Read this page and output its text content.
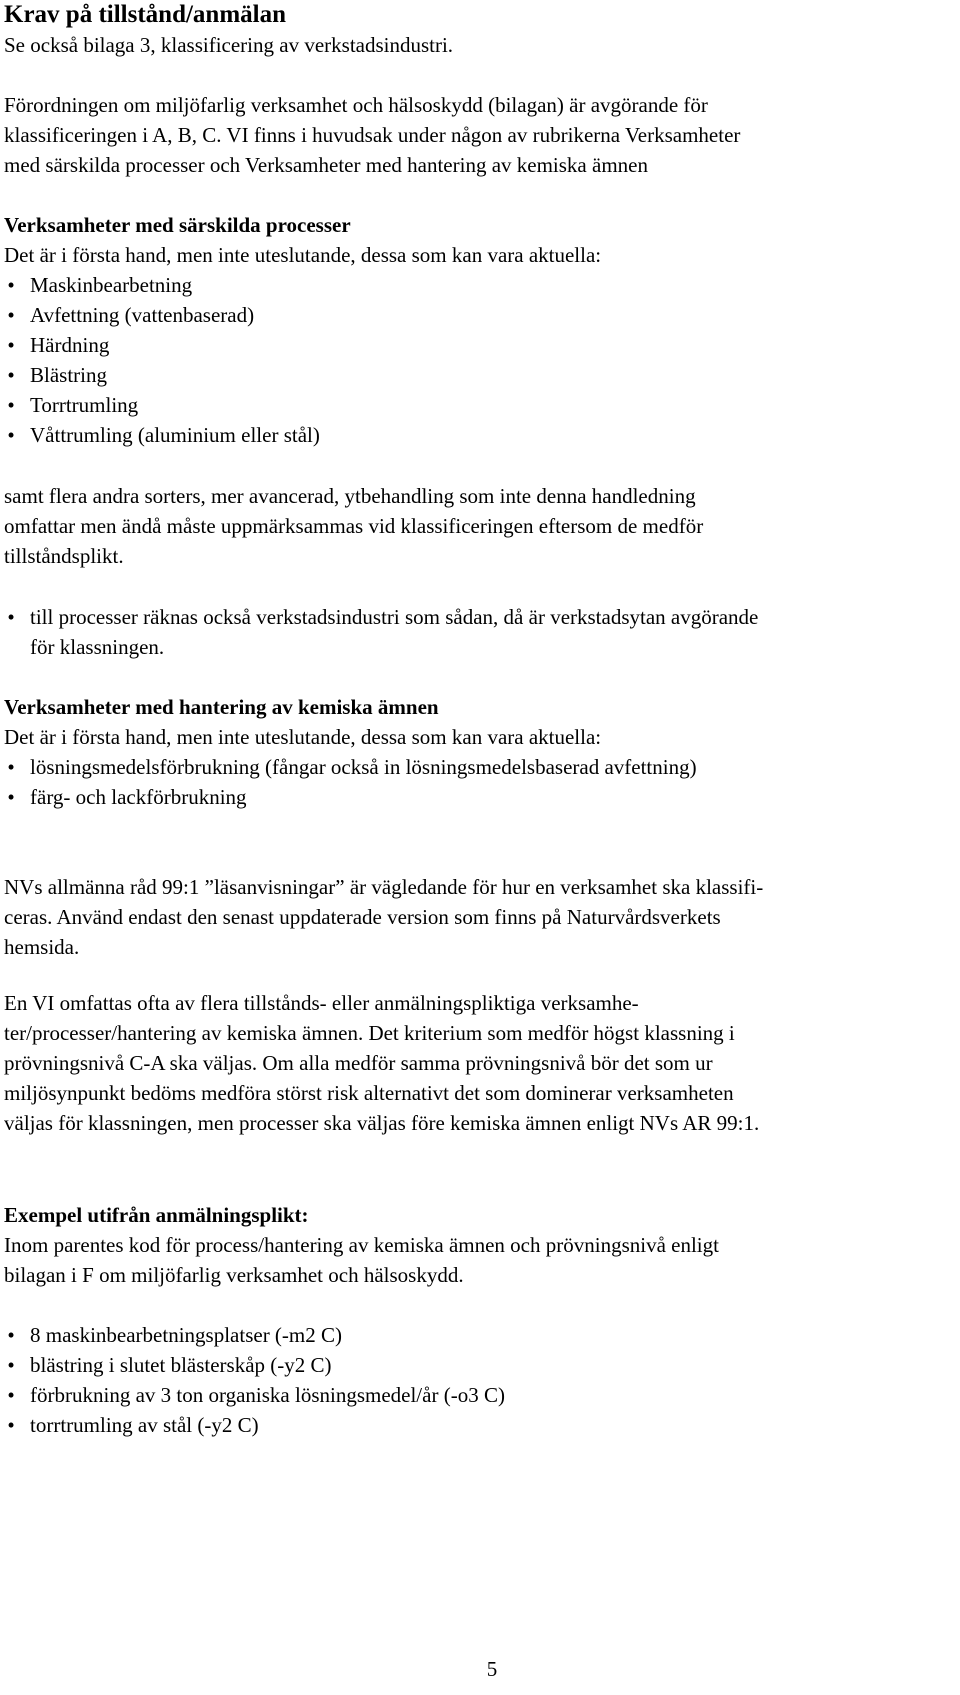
Krav på tillstånd/anmälan
Se också bilaga 3, klassificering av verkstadsindustri.
Förordningen om miljöfarlig verksamhet och hälsoskydd (bilagan) är avgörande för
klassificeringen i A, B, C. VI finns i huvudsak under någon av rubrikerna Verksamheter
med särskilda processer och Verksamheter med hantering av kemiska ämnen
Verksamheter med särskilda processer
Det är i första hand, men inte uteslutande, dessa som kan vara aktuella:
• Maskinbearbetning
• Avfettning (vattenbaserad)
• Härdning
• Blästring
• Torrtrumling
• Våttrumling (aluminium eller stål)
samt flera andra sorters, mer avancerad, ytbehandling som inte denna handledning
omfattar men ändå måste uppmärksammas vid klassificeringen eftersom de medför
tillståndsplikt.
• till processer räknas också verkstadsindustri som sådan, då är verkstadsytan avgörande
för klassningen.
Verksamheter med hantering av kemiska ämnen
Det är i första hand, men inte uteslutande, dessa som kan vara aktuella:
• lösningsmedelsförbrukning (fångar också in lösningsmedelsbaserad avfettning)
• färg- och lackförbrukning
NVs allmänna råd 99:1 ”läsanvisningar” är vägledande för hur en verksamhet ska klassifi-
ceras. Använd endast den senast uppdaterade version som finns på Naturvårdsverkets
hemsida.
En VI omfattas ofta av flera tillstånds- eller anmälningspliktiga verksamhe-
ter/processer/hantering av kemiska ämnen. Det kriterium som medför högst klassning i
prövningsnivå C-A ska väljas. Om alla medför samma prövningsnivå bör det som ur
miljösynpunkt bedöms medföra störst risk alternativt det som dominerar verksamheten
väljas för klassningen, men processer ska väljas före kemiska ämnen enligt NVs AR 99:1.
Exempel utifrån anmälningsplikt:
Inom parentes kod för process/hantering av kemiska ämnen och prövningsnivå enligt
bilagan i F om miljöfarlig verksamhet och hälsoskydd.
• 8 maskinbearbetningsplatser (-m2 C)
• blästring i slutet blästerskåp (-y2 C)
• förbrukning av 3 ton organiska lösningsmedel/år (-o3 C)
• torrtrumling av stål (-y2 C)
5
